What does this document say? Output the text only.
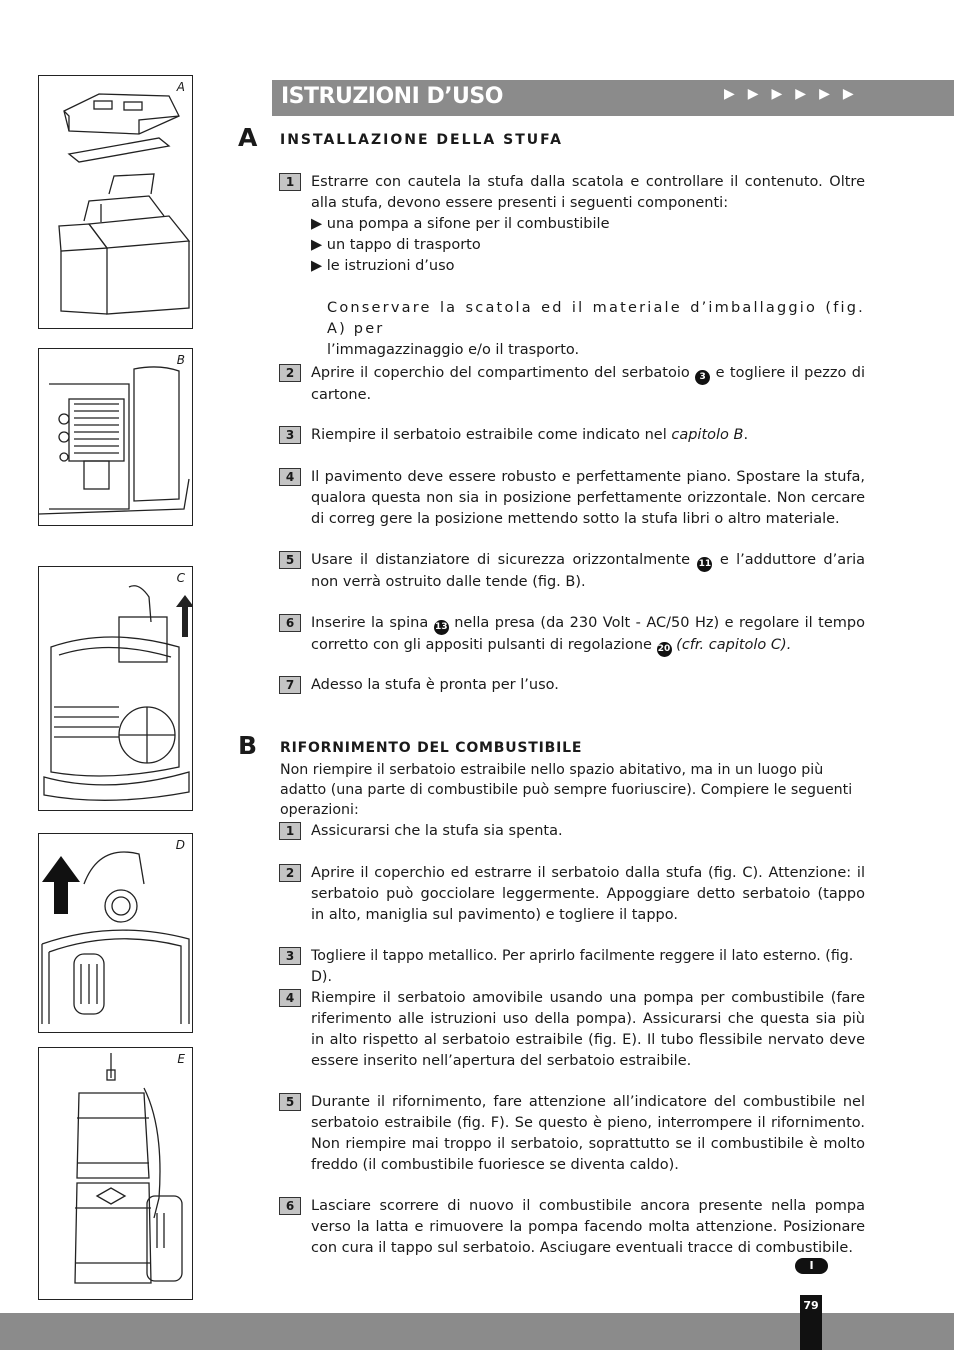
A
B
C
D
E
ISTRUZIONI D’USO	▶▶▶▶▶▶
A INSTALLAZIONE DELLA STUFA
1	Estrarre con cautela la stufa dalla scatola e controllare il contenuto. Oltre alla stufa, devono essere presenti i seguenti componenti:
▶ una pompa a sifone per il combustibile
▶ un tappo di trasporto
▶ le istruzioni d’uso
Conservare la scatola ed il materiale d’imballaggio (fig. A) per
l’immagazzinaggio e/o il trasporto.
2	Aprire il coperchio del compartimento del serbatoio 3 e togliere il pezzo di cartone.
3	Riempire il serbatoio estraibile come indicato nel capitolo B.
4	Il pavimento deve essere robusto e perfettamente piano. Spostare la stufa, qualora questa non sia in posizione perfettamente orizzontale. Non cercare di correg gere la posizione mettendo sotto la stufa libri o altro materiale.
5	Usare il distanziatore di sicurezza orizzontalmente 11 e l’adduttore d’aria non verrà ostruito dalle tende (fig. B).
6	Inserire la spina 13 nella presa (da 230 Volt - AC/50 Hz) e regolare il tempo corretto con gli appositi pulsanti di regolazione 20 (cfr. capitolo C).
7	Adesso la stufa è pronta per l’uso.
B RIFORNIMENTO DEL COMBUSTIBILE
Non riempire il serbatoio estraibile nello spazio abitativo, ma in un luogo più adatto (una parte di combustibile può sempre fuoriuscire). Compiere le seguenti operazioni:
1	Assicurarsi che la stufa sia spenta.
2	Aprire il coperchio ed estrarre il serbatoio dalla stufa (fig. C). Attenzione: il serbatoio può gocciolare leggermente. Appoggiare detto serbatoio (tappo in alto, maniglia sul pavimento) e togliere il tappo.
3	Togliere il tappo metallico. Per aprirlo facilmente reggere il lato esterno. (fig. D).
4	Riempire il serbatoio amovibile usando una pompa per combustibile (fare riferimento alle istruzioni uso della pompa). Assicurarsi che questa sia più in alto rispetto al serbatoio estraibile (fig. E). Il tubo flessibile nervato deve essere inserito nell’apertura del serbatoio estraibile.
5	Durante il rifornimento, fare attenzione all’indicatore del combustibile nel serbatoio estraibile (fig. F). Se questo è pieno, interrompere il rifornimento. Non riempire mai troppo il serbatoio, soprattutto se il combustibile è molto freddo (il combustibile fuoriesce se diventa caldo).
6	Lasciare scorrere di nuovo il combustibile ancora presente nella pompa verso la latta e rimuovere la pompa facendo molta attenzione. Posizionare con cura il tappo sul serbatoio. Asciugare eventuali tracce di combustibile.
I
79
